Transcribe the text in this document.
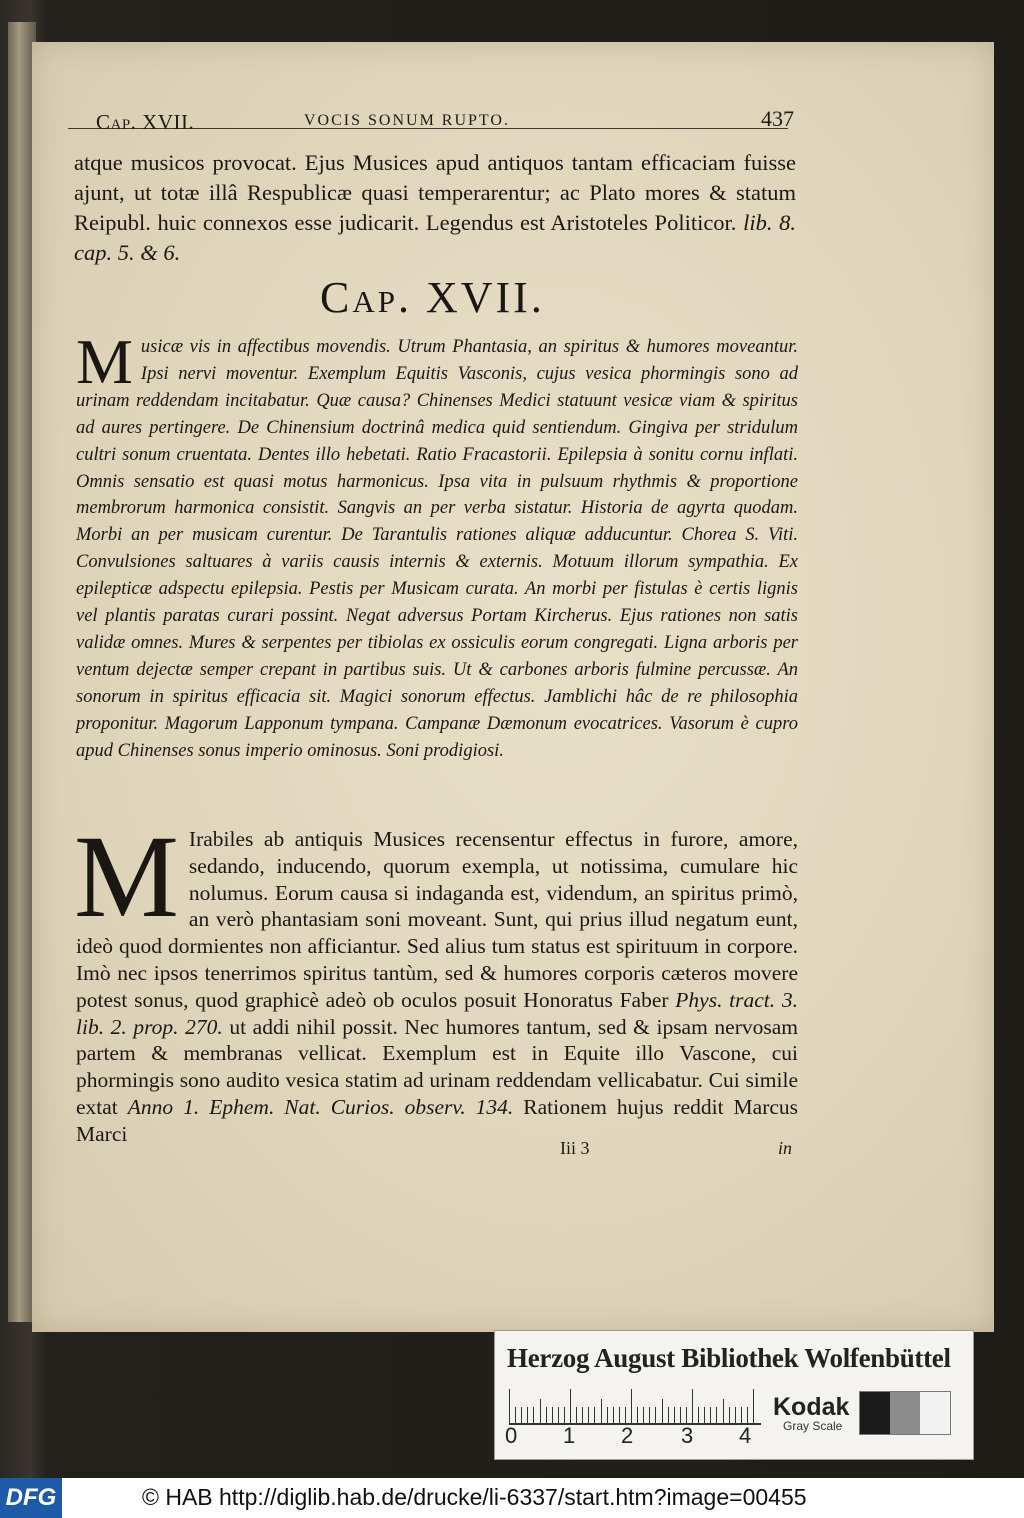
Cap. XVII.	VOCIS SONUM RUPTO.	437

atque musicos provocat. Ejus Musices apud antiquos tantam efficaciam fuisse ajunt, ut totæ illâ Respublicæ quasi temperarentur; ac Plato mores & statum Reipubl. huic connexos esse judicarit. Legendus est Aristoteles Politicor. lib. 8. cap. 5. & 6.

Cap. XVII.

M usicæ vis in affectibus movendis. Utrum Phantasia, an spiritus & humores moveantur. Ipsi nervi moventur. Exemplum Equitis Vasconis, cujus vesica phormingis sono ad urinam reddendam incitabatur. Quæ causa? Chinenses Medici statuunt vesicæ viam & spiritus ad aures pertingere. De Chinensium doctrinâ medica quid sentiendum. Gingiva per stridulum cultri sonum cruentata. Dentes illo hebetati. Ratio Fracastorii. Epilepsia à sonitu cornu inflati. Omnis sensatio est quasi motus harmonicus. Ipsa vita in pulsuum rhythmis & proportione membrorum harmonica consistit. Sangvis an per verba sistatur. Historia de agyrta quodam. Morbi an per musicam curentur. De Tarantulis rationes aliquæ adducuntur. Chorea S. Viti. Convulsiones saltuares à variis causis internis & externis. Motuum illorum sympathia. Ex epilepticæ adspectu epilepsia. Pestis per Musicam curata. An morbi per fistulas è certis lignis vel plantis paratas curari possint. Negat adversus Portam Kircherus. Ejus rationes non satis validæ omnes. Mures & serpentes per tibiolas ex ossiculis eorum congregati. Ligna arboris per ventum dejectæ semper crepant in partibus suis. Ut & carbones arboris fulmine percussæ. An sonorum in spiritus efficacia sit. Magici sonorum effectus. Jamblichi hâc de re philosophia proponitur. Magorum Lapponum tympana. Campanæ Dæmonum evocatrices. Vasorum è cupro apud Chinenses sonus imperio ominosus. Soni prodigiosi.

M Irabiles ab antiquis Musices recensentur effectus in furore, amore, sedando, inducendo, quorum exempla, ut notissima, cumulare hic nolumus. Eorum causa si indaganda est, videndum, an spiritus primò, an verò phantasiam soni moveant. Sunt, qui prius illud negatum eunt, ideò quod dormientes non afficiantur. Sed alius tum status est spirituum in corpore. Imò nec ipsos tenerrimos spiritus tantùm, sed & humores corporis cæteros movere potest sonus, quod graphicè adeò ob oculos posuit Honoratus Faber Phys. tract. 3. lib. 2. prop. 270. ut addi nihil possit. Nec humores tantum, sed & ipsam nervosam partem & membranas vellicat. Exemplum est in Equite illo Vascone, cui phormingis sono audito vesica statim ad urinam reddendam vellicabatur. Cui simile extat Anno 1. Ephem. Nat. Curios. observ. 134. Rationem hujus reddit Marcus Marci

Iii 3	in
Herzog August Bibliothek Wolfenbüttel
0 1 2 3 4
Kodak
Gray Scale
DFG	© HAB http://diglib.hab.de/drucke/li-6337/start.htm?image=00455
